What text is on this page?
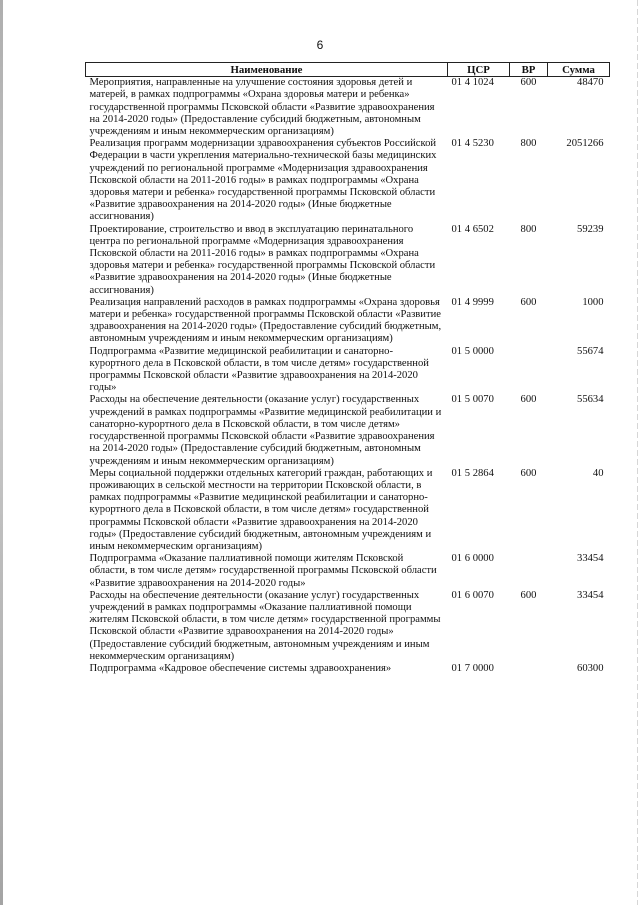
6
Наименование	ЦСР	ВР	Сумма
Мероприятия, направленные на улучшение состояния здоровья детей и матерей, в рамках подпрограммы «Охрана здоровья матери и ребенка» государственной программы Псковской области «Развитие здравоохранения на 2014-2020 годы» (Предоставление субсидий бюджетным, автономным учреждениям и иным некоммерческим организациям)	01 4 1024	600	48470
Реализация программ модернизации здравоохранения субъектов Российской Федерации в части укрепления материально-технической базы медицинских учреждений по региональной программе «Модернизация здравоохранения Псковской области на 2011-2016 годы» в рамках подпрограммы «Охрана здоровья матери и ребенка» государственной программы Псковской области «Развитие здравоохранения на 2014-2020 годы» (Иные бюджетные ассигнования)	01 4 5230	800	2051266
Проектирование, строительство и ввод в эксплуатацию перинатального центра по региональной программе «Модернизация здравоохранения Псковской области на 2011-2016 годы» в рамках подпрограммы «Охрана здоровья матери и ребенка» государственной программы Псковской области «Развитие здравоохранения на 2014-2020 годы» (Иные бюджетные ассигнования)	01 4 6502	800	59239
Реализация направлений расходов в рамках подпрограммы «Охрана здоровья матери и ребенка» государственной программы Псковской области «Развитие здравоохранения на 2014-2020 годы» (Предоставление субсидий бюджетным, автономным учреждениям и иным некоммерческим организациям)	01 4 9999	600	1000
Подпрограмма «Развитие медицинской реабилитации и санаторно-курортного дела в Псковской области, в том числе детям» государственной программы Псковской области «Развитие здравоохранения на 2014-2020 годы»	01 5 0000		55674
Расходы на обеспечение деятельности (оказание услуг) государственных учреждений в рамках подпрограммы «Развитие медицинской реабилитации и санаторно-курортного дела в Псковской области, в том числе детям» государственной программы Псковской области «Развитие здравоохранения на 2014-2020 годы» (Предоставление субсидий бюджетным, автономным учреждениям и иным некоммерческим организациям)	01 5 0070	600	55634
Меры социальной поддержки отдельных категорий граждан, работающих и проживающих в сельской местности на территории Псковской области, в рамках подпрограммы «Развитие медицинской реабилитации и санаторно-курортного дела в Псковской области, в том числе детям» государственной программы Псковской области «Развитие здравоохранения на 2014-2020 годы» (Предоставление субсидий бюджетным, автономным учреждениям и иным некоммерческим организациям)	01 5 2864	600	40
Подпрограмма «Оказание паллиативной помощи жителям Псковской области, в том числе детям» государственной программы Псковской области «Развитие здравоохранения на 2014-2020 годы»	01 6 0000		33454
Расходы на обеспечение деятельности (оказание услуг) государственных учреждений в рамках подпрограммы «Оказание паллиативной помощи жителям Псковской области, в том числе детям» государственной программы Псковской области «Развитие здравоохранения на 2014-2020 годы» (Предоставление субсидий бюджетным, автономным учреждениям и иным некоммерческим организациям)	01 6 0070	600	33454
Подпрограмма «Кадровое обеспечение системы здравоохранения»	01 7 0000		60300
